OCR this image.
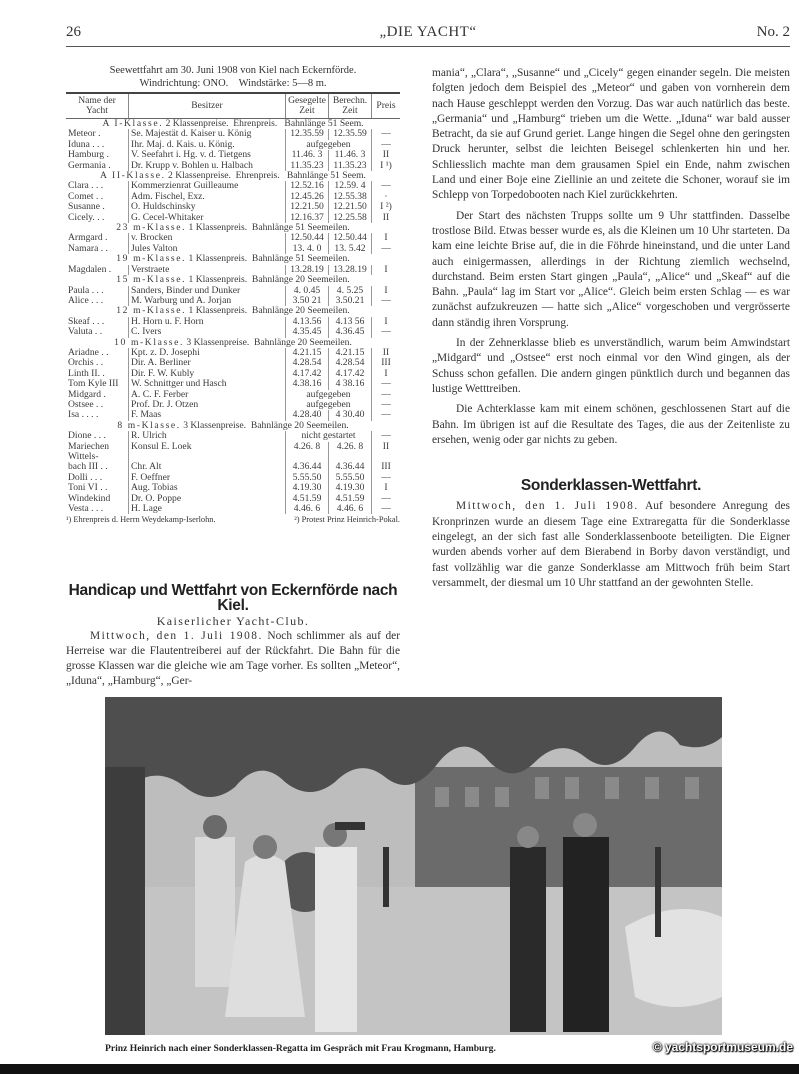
26	„DIE YACHT“	No. 2
Seewettfahrt am 30. Juni 1908 von Kiel nach Eckernförde.
Windrichtung: ONO.    Windstärke: 5—8 m.
Name der Yacht	Besitzer	Gesegelte Zeit	Berechn. Zeit	Preis
A I-Klasse. 2 Klassenpreise.  Ehrenpreis.   Bahnlänge 51 Seem.				
Meteor .	Se. Majestät d. Kaiser u. König	12.35.59	12.35.59	—
Iduna . . .	Ihr. Maj. d. Kais. u. König.	aufgegeben		—
Hamburg .	V. Seefahrt i. Hg. v. d. Tietgens	11.46. 3	11.46. 3	II
Germania .	Dr. Krupp v. Bohlen u. Halbach	11.35.23	11.35.23	I ¹)
A II-Klasse. 2 Klassenpreise.  Ehrenpreis.   Bahnlänge 51 Seem.				
Clara . . .	Kommerzienrat Guilleaume	12.52.16	12.59. 4	—
Comet . .	Adm. Fischel, Exz.	12.45.26	12.55.38	·
Susanne .	O. Huldschinsky	12.21.50	12.21.50	I ²)
Cicely. . .	G. Cecel-Whitaker	12.16.37	12.25.58	II
23 m-Klasse. 1 Klassenpreis.  Bahnlänge 51 Seemeilen.				
Armgard .	v. Brocken	12.50.44	12.50.44	I
Namara . .	Jules Valton	13. 4. 0	13. 5.42	—
19 m-Klasse. 1 Klassenpreis.  Bahnlänge 51 Seemeilen.				
Magdalen .	Verstraete	13.28.19	13.28.19	I
15 m-Klasse. 1 Klassenpreis.  Bahnlänge 20 Seemeilen.				
Paula . . .	Sanders, Binder und Dunker	4. 0.45	4. 5.25	I
Alice . . .	M. Warburg und A. Jorjan	3.50 21	3.50.21	—
12 m-Klasse. 1 Klassenpreis.  Bahnlänge 20 Seemeilen.				
Skeaf . . .	H. Horn u. F. Horn	4.13.56	4.13 56	I
Valuta . .	C. Ivers	4.35.45	4.36.45	—
10 m-Klasse. 3 Klassenpreise.  Bahnlänge 20 Seemeilen.				
Ariadne . .	Kpt. z. D. Josephi	4.21.15	4.21.15	II
Orchis . .	Dir. A. Berliner	4.28.54	4.28.54	III
Linth II. .	Dir. F. W. Kubly	4.17.42	4.17.42	I
Tom Kyle III	W. Schnittger und Hasch	4.38.16	4 38.16	—
Midgard .	A. C. F. Ferber	aufgegeben		—
Ostsee . .	Prof. Dr. J. Otzen	aufgegeben		—
Isa . . . .	F. Maas	4.28.40	4 30.40	—
8 m-Klasse. 3 Klassenpreise.  Bahnlänge 20 Seemeilen.				
Dione . . .	R. Ulrich	nicht gestartet		—
Mariechen	Konsul E. Loek	4.26. 8	4.26. 8	II
Wittels-				
bach III . .	Chr. Alt	4.36.44	4.36.44	III
Dolli . . .	F. Oeffner	5.55.50	5.55.50	—
Toni VI . .	Aug. Tobias	4.19.30	4.19.30	I
Windekind	Dr. O. Poppe	4.51.59	4.51.59	—
Vesta . . .	H. Lage	4.46. 6	4.46. 6	—
¹) Ehrenpreis d. Herrn Weydekamp-Iserlohn.	²) Protest Prinz Heinrich-Pokal.
Handicap und Wettfahrt von Eckernförde nach Kiel.
Kaiserlicher Yacht-Club.

Mittwoch, den 1. Juli 1908. Noch schlimmer als auf der Herreise war die Flautentreiberei auf der Rückfahrt. Die Bahn für die grosse Klassen war die gleiche wie am Tage vorher. Es sollten „Meteor“, „Iduna“, „Hamburg“, „Ger-

mania“, „Clara“, „Susanne“ und „Cicely“ gegen einander segeln. Die meisten folgten jedoch dem Beispiel des „Meteor“ und gaben von vornherein dem nach Hause geschleppt werden den Vorzug. Das war auch natürlich das beste. „Germania“ und „Hamburg“ trieben um die Wette. „Iduna“ war bald ausser Betracht, da sie auf Grund geriet. Lange hingen die Segel ohne den geringsten Druck herunter, selbst die leichten Beisegel schlenkerten hin und her. Schliesslich machte man dem grausamen Spiel ein Ende, nahm zwischen Land und einer Boje eine Ziellinie an und zeitete die Schoner, worauf sie im Schlepp von Torpedobooten nach Kiel zurückkehrten.

Der Start des nächsten Trupps sollte um 9 Uhr stattfinden. Dasselbe trostlose Bild. Etwas besser wurde es, als die Kleinen um 10 Uhr starteten. Da kam eine leichte Brise auf, die in die Föhrde hineinstand, und die unter Land auch einigermassen, allerdings in der Richtung ziemlich wechselnd, durchstand. Beim ersten Start gingen „Paula“, „Alice“ und „Skeaf“ auf die Bahn. „Paula“ lag im Start vor „Alice“. Gleich beim ersten Schlag — es war zunächst aufzukreuzen — hatte sich „Alice“ vorgeschoben und vergrösserte dann ständig ihren Vorsprung.

In der Zehnerklasse blieb es unverständlich, warum beim Amwindstart „Midgard“ und „Ostsee“ erst noch einmal vor den Wind gingen, als der Schuss schon gefallen. Die andern gingen pünktlich durch und begannen das lustige Wetttreiben.

Die Achterklasse kam mit einem schönen, geschlossenen Start auf die Bahn. Im übrigen ist auf die Resultate des Tages, die aus der Zeitenliste zu ersehen, wenig oder gar nichts zu geben.

Sonderklassen-Wettfahrt.

Mittwoch, den 1. Juli 1908. Auf besondere Anregung des Kronprinzen wurde an diesem Tage eine Extraregatta für die Sonderklasse eingelegt, an der sich fast alle Sonderklassenboote beteiligten. Die Eigner wurden abends vorher auf dem Bierabend in Borby davon verständigt, und fast vollzählig war die ganze Sonderklasse am Mittwoch früh beim Start versammelt, der diesmal um 10 Uhr stattfand an der gewohnten Stelle.

Prinz Heinrich nach einer Sonderklassen-Regatta im Gespräch mit Frau Krogmann, Hamburg.	© yachtsportmuseum.de
